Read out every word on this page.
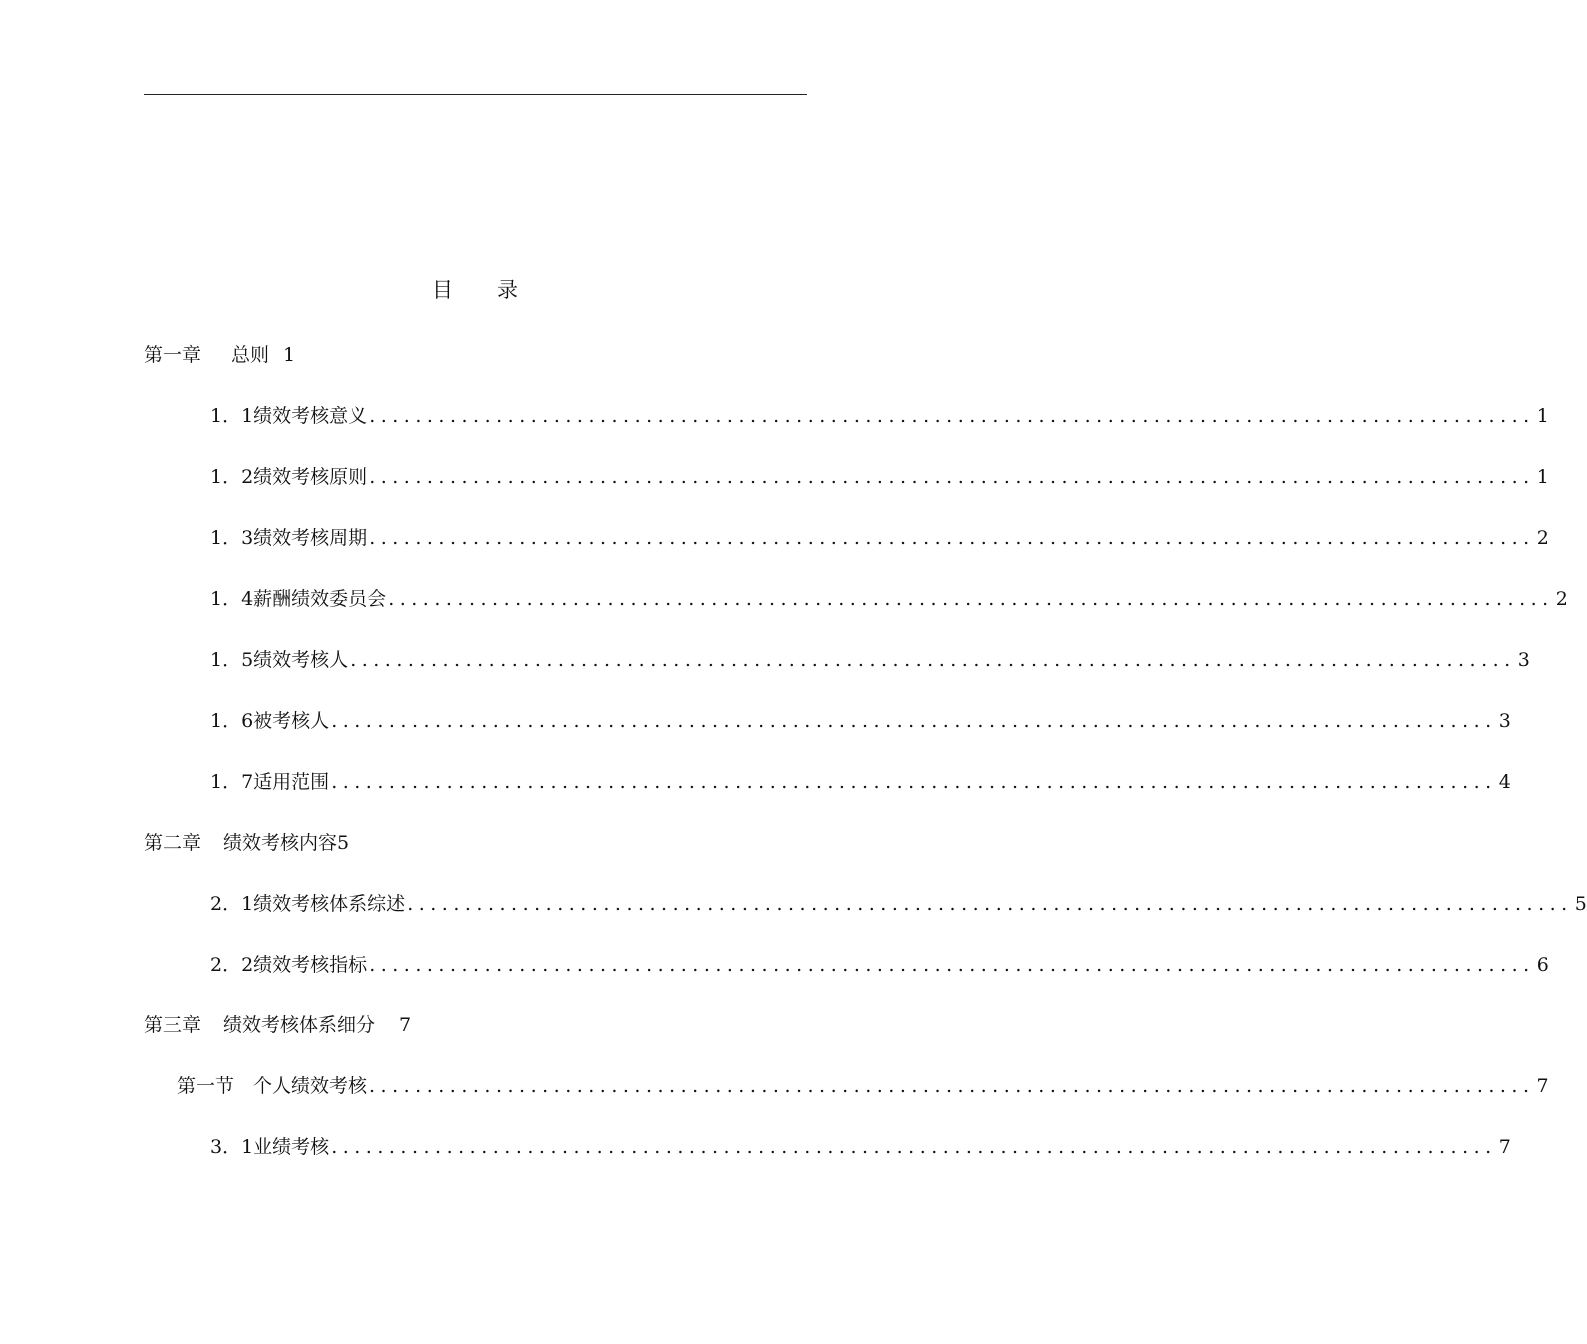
目 录
第一章 总则 1
1．1绩效考核意义 ..................................................................................................... 1
1．2绩效考核原则 ..................................................................................................... 1
1．3绩效考核周期 ..................................................................................................... 2
1．4薪酬绩效委员会 ..................................................................................................... 2
1．5绩效考核人 ..................................................................................................... 3
1．6被考核人 ..................................................................................................... 3
1．7适用范围 ..................................................................................................... 4
第二章 绩效考核内容5
2．1绩效考核体系综述 ..................................................................................................... 5
2．2绩效考核指标 ..................................................................................................... 6
第三章 绩效考核体系细分 7
第一节　个人绩效考核 ..................................................................................................... 7
3．1业绩考核 ..................................................................................................... 7
